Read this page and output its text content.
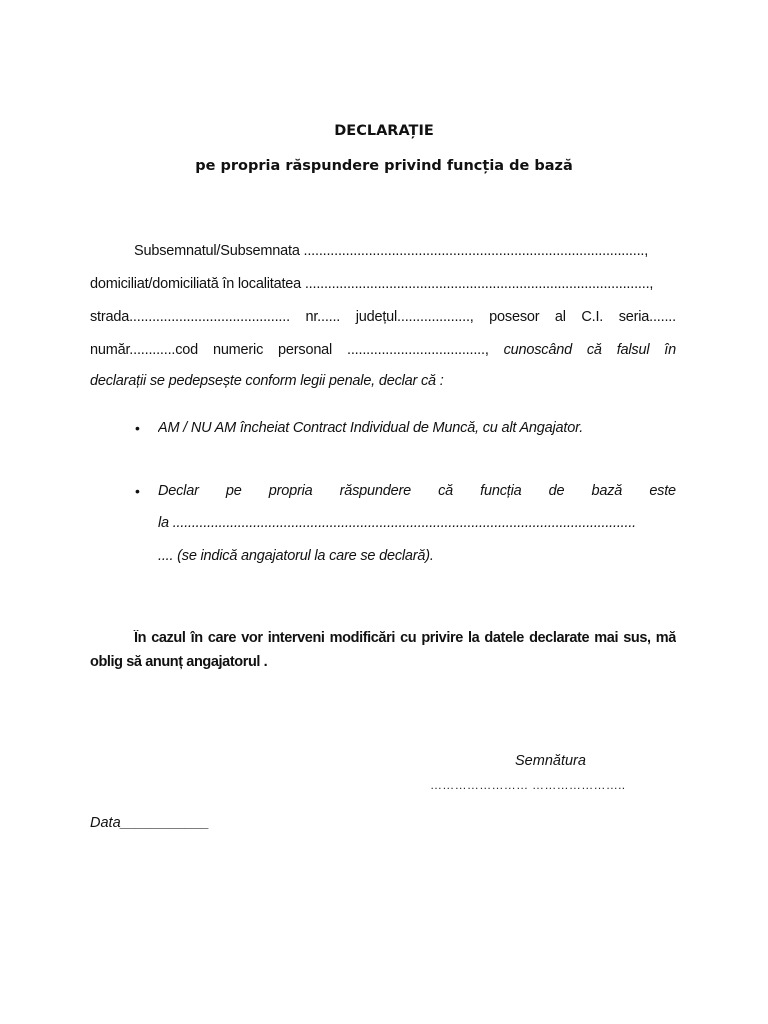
DECLARAȚIE
pe propria răspundere privind funcția de bază
Subsemnatul/Subsemnata .........................................................................................,
domiciliat/domiciliată în localitatea ..........................................................................................,
strada.......................................... nr...... județul..................., posesor al C.I. seria.......
număr............cod numeric personal ...................................., cunoscând că falsul în
declarații se pedepsește conform legii penale, declar că :
• AM / NU AM încheiat Contract Individual de Muncă, cu alt Angajator.
• Declar pe propria răspundere că funcția de bază este
la .........................................................................................................................
.... (se indică angajatorul la care se declară).
În cazul în care vor interveni modificări cu privire la datele declarate mai sus, mă
oblig să anunț angajatorul .
Semnătura
…………………… …………………..
Data___________
